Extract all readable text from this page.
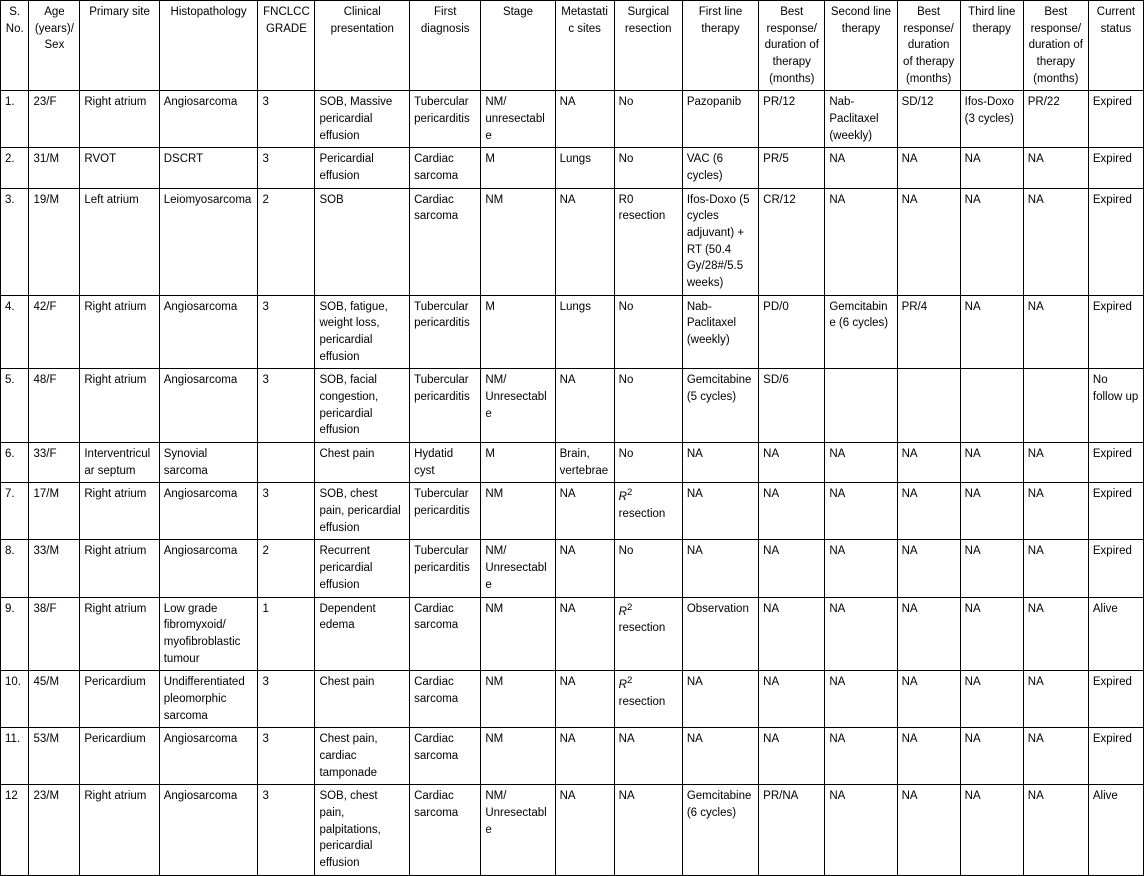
S. No.	Age (years)/ Sex	Primary site	Histopathology	FNCLCC GRADE	Clinical presentation	First diagnosis	Stage	Metastatic sites	Surgical resection	First line therapy	Best response/ duration of therapy (months)	Second line therapy	Best response/ duration of therapy (months)	Third line therapy	Best response/ duration of therapy (months)	Current status
1.	23/F	Right atrium	Angiosarcoma	3	SOB, Massive pericardial effusion	Tubercular pericarditis	NM/ unresectable	NA	No	Pazopanib	PR/12	Nab-Paclitaxel (weekly)	SD/12	Ifos-Doxo (3 cycles)	PR/22	Expired
2.	31/M	RVOT	DSCRT	3	Pericardial effusion	Cardiac sarcoma	M	Lungs	No	VAC (6 cycles)	PR/5	NA	NA	NA	NA	Expired
3.	19/M	Left atrium	Leiomyosarcoma	2	SOB	Cardiac sarcoma	NM	NA	R0 resection	Ifos-Doxo (5 cycles adjuvant) + RT (50.4 Gy/28#/5.5 weeks)	CR/12	NA	NA	NA	NA	Expired
4.	42/F	Right atrium	Angiosarcoma	3	SOB, fatigue, weight loss, pericardial effusion	Tubercular pericarditis	M	Lungs	No	Nab-Paclitaxel (weekly)	PD/0	Gemcitabine (6 cycles)	PR/4	NA	NA	Expired
5.	48/F	Right atrium	Angiosarcoma	3	SOB, facial congestion, pericardial effusion	Tubercular pericarditis	NM/ Unresectable	NA	No	Gemcitabine (5 cycles)	SD/6					No follow up
6.	33/F	Interventricular septum	Synovial sarcoma		Chest pain	Hydatid cyst	M	Brain, vertebrae	No	NA	NA	NA	NA	NA	NA	Expired
7.	17/M	Right atrium	Angiosarcoma	3	SOB, chest pain, pericardial effusion	Tubercular pericarditis	NM	NA	$R^2$ resection	NA	NA	NA	NA	NA	NA	Expired
8.	33/M	Right atrium	Angiosarcoma	2	Recurrent pericardial effusion	Tubercular pericarditis	NM/ Unresectable	NA	No	NA	NA	NA	NA	NA	NA	Expired
9.	38/F	Right atrium	Low grade fibromyxoid/ myofibroblastic tumour	1	Dependent edema	Cardiac sarcoma	NM	NA	$R^2$ resection	Observation	NA	NA	NA	NA	NA	Alive
10.	45/M	Pericardium	Undifferentiated pleomorphic sarcoma	3	Chest pain	Cardiac sarcoma	NM	NA	$R^2$ resection	NA	NA	NA	NA	NA	NA	Expired
11.	53/M	Pericardium	Angiosarcoma	3	Chest pain, cardiac tamponade	Cardiac sarcoma	NM	NA	NA	NA	NA	NA	NA	NA	NA	Expired
12	23/M	Right atrium	Angiosarcoma	3	SOB, chest pain, palpitations, pericardial effusion	Cardiac sarcoma	NM/ Unresectable	NA	NA	Gemcitabine (6 cycles)	PR/NA	NA	NA	NA	NA	Alive
